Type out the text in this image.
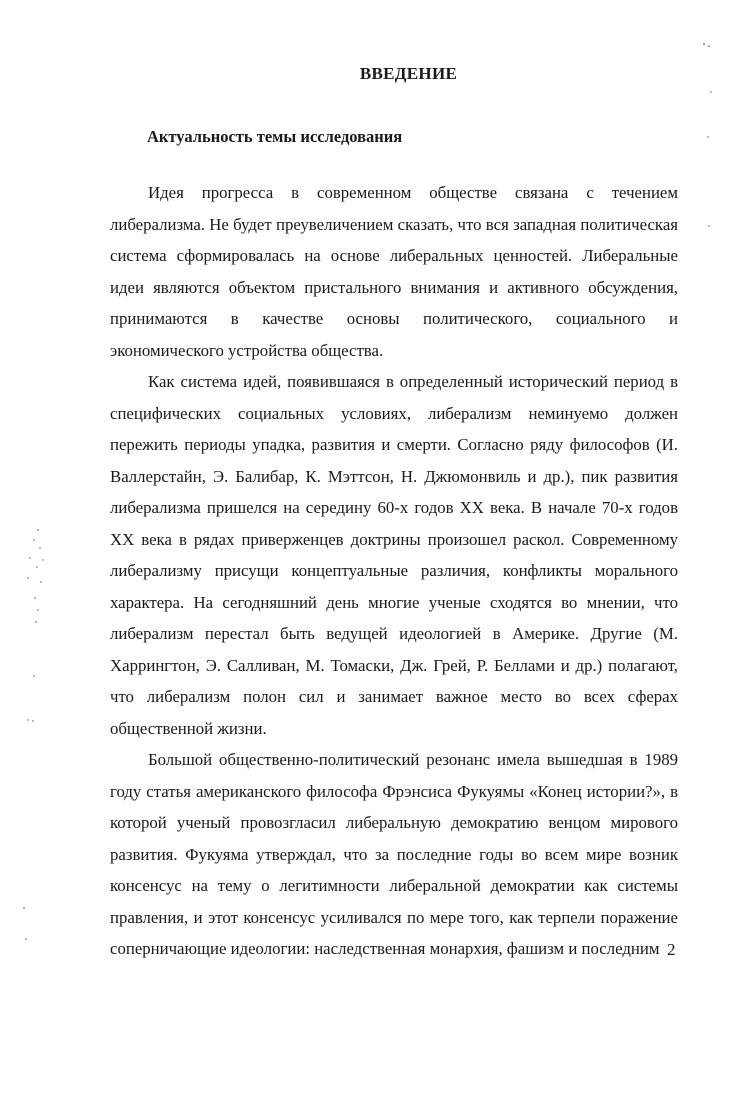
ВВЕДЕНИЕ
Актуальность темы исследования

Идея прогресса в современном обществе связана с течением либерализма. Не будет преувеличением сказать, что вся западная политическая система сформировалась на основе либеральных ценностей. Либеральные идеи являются объектом пристального внимания и активного обсуждения, принимаются в качестве основы политического, социального и экономического устройства общества.

Как система идей, появившаяся в определенный исторический период в специфических социальных условиях, либерализм неминуемо должен пережить периоды упадка, развития и смерти. Согласно ряду философов (И. Валлерстайн, Э. Балибар, К. Мэттсон, Н. Джюмонвиль и др.), пик развития либерализма пришелся на середину 60-х годов XX века. В начале 70-х годов XX века в рядах приверженцев доктрины произошел раскол. Современному либерализму присущи концептуальные различия, конфликты морального характера. На сегодняшний день многие ученые сходятся во мнении, что либерализм перестал быть ведущей идеологией в Америке. Другие (М. Харрингтон, Э. Салливан, М. Томаски, Дж. Грей, Р. Беллами и др.) полагают, что либерализм полон сил и занимает важное место во всех сферах общественной жизни.

Большой общественно-политический резонанс имела вышедшая в 1989 году статья американского философа Фрэнсиса Фукуямы «Конец истории?», в которой ученый провозгласил либеральную демократию венцом мирового развития. Фукуяма утверждал, что за последние годы во всем мире возник консенсус на тему о легитимности либеральной демократии как системы правления, и этот консенсус усиливался по мере того, как терпели поражение соперничающие идеологии: наследственная монархия, фашизм и последним 2
